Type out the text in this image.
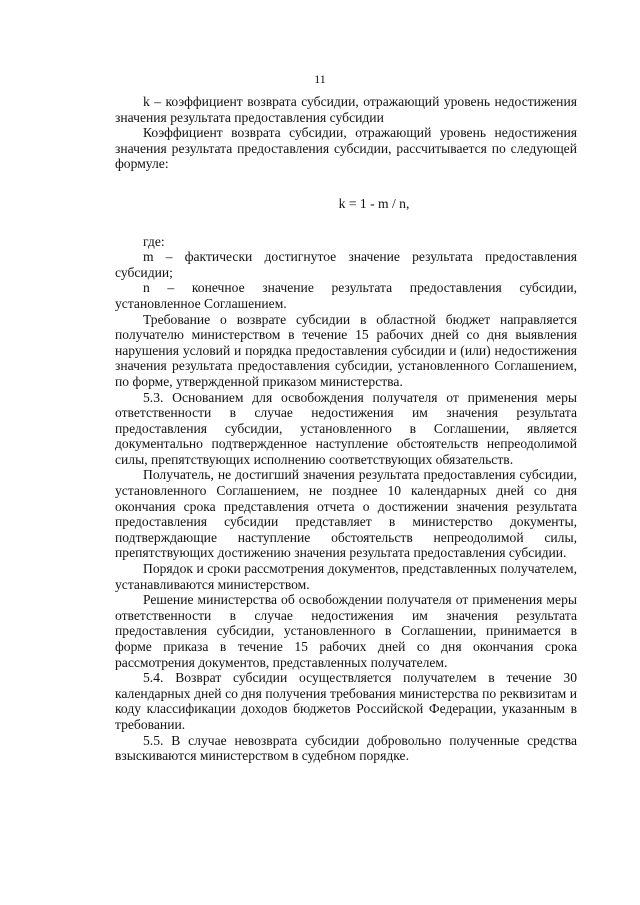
11

k – коэффициент возврата субсидии, отражающий уровень недостижения значения результата предоставления субсидии

Коэффициент возврата субсидии, отражающий уровень недостижения значения результата предоставления субсидии, рассчитывается по следующей формуле:

k = 1 - m / n,

где:

m – фактически достигнутое значение результата предоставления субсидии;

n – конечное значение результата предоставления субсидии, установленное Соглашением.

Требование о возврате субсидии в областной бюджет направляется получателю министерством в течение 15 рабочих дней со дня выявления нарушения условий и порядка предоставления субсидии и (или) недостижения значения результата предоставления субсидии, установленного Соглашением, по форме, утвержденной приказом министерства.

5.3. Основанием для освобождения получателя от применения меры ответственности в случае недостижения им значения результата предоставления субсидии, установленного в Соглашении, является документально подтвержденное наступление обстоятельств непреодолимой силы, препятствующих исполнению соответствующих обязательств.

Получатель, не достигший значения результата предоставления субсидии, установленного Соглашением, не позднее 10 календарных дней со дня окончания срока представления отчета о достижении значения результата предоставления субсидии представляет в министерство документы, подтверждающие наступление обстоятельств непреодолимой силы, препятствующих достижению значения результата предоставления субсидии.

Порядок и сроки рассмотрения документов, представленных получателем, устанавливаются министерством.

Решение министерства об освобождении получателя от применения меры ответственности в случае недостижения им значения результата предоставления субсидии, установленного в Соглашении, принимается в форме приказа в течение 15 рабочих дней со дня окончания срока рассмотрения документов, представленных получателем.

5.4. Возврат субсидии осуществляется получателем в течение 30 календарных дней со дня получения требования министерства по реквизитам и коду классификации доходов бюджетов Российской Федерации, указанным в требовании.

5.5. В случае невозврата субсидии добровольно полученные средства взыскиваются министерством в судебном порядке.
